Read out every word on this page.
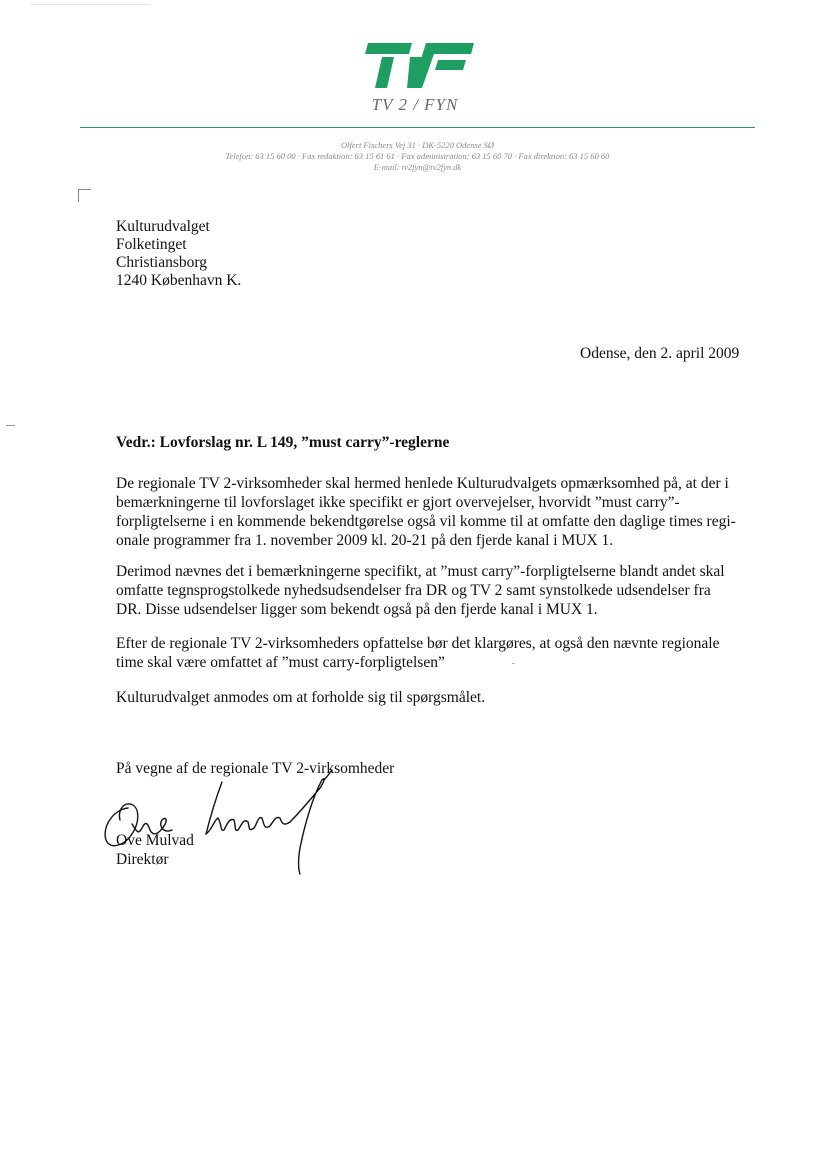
TV 2 / FYN
Olfert Fischers Vej 31 · DK-5220 Odense SØ
Telefon: 63 15 60 00 · Fax redaktion: 63 15 61 61 · Fax administration: 63 15 60 70 · Fax direktion: 63 15 60 60
E-mail: tv2fyn@tv2fyn.dk
Kulturudvalget
Folketinget
Christiansborg
1240 København K.
Odense, den 2. april 2009
Vedr.: Lovforslag nr. L 149, ”must carry”-reglerne
De regionale TV 2-virksomheder skal hermed henlede Kulturudvalgets opmærksomhed på, at der i
bemærkningerne til lovforslaget ikke specifikt er gjort overvejelser, hvorvidt ”must carry”-
forpligtelserne i en kommende bekendtgørelse også vil komme til at omfatte den daglige times regi-
onale programmer fra 1. november 2009 kl. 20-21 på den fjerde kanal i MUX 1.
Derimod nævnes det i bemærkningerne specifikt, at ”must carry”-forpligtelserne blandt andet skal
omfatte tegnsprogstolkede nyhedsudsendelser fra DR og TV 2 samt synstolkede udsendelser fra
DR. Disse udsendelser ligger som bekendt også på den fjerde kanal i MUX 1.
Efter de regionale TV 2-virksomheders opfattelse bør det klargøres, at også den nævnte regionale
time skal være omfattet af ”must carry-forpligtelsen”
Kulturudvalget anmodes om at forholde sig til spørgsmålet.
På vegne af de regionale TV 2-virksomheder
Ove Mulvad
Direktør
